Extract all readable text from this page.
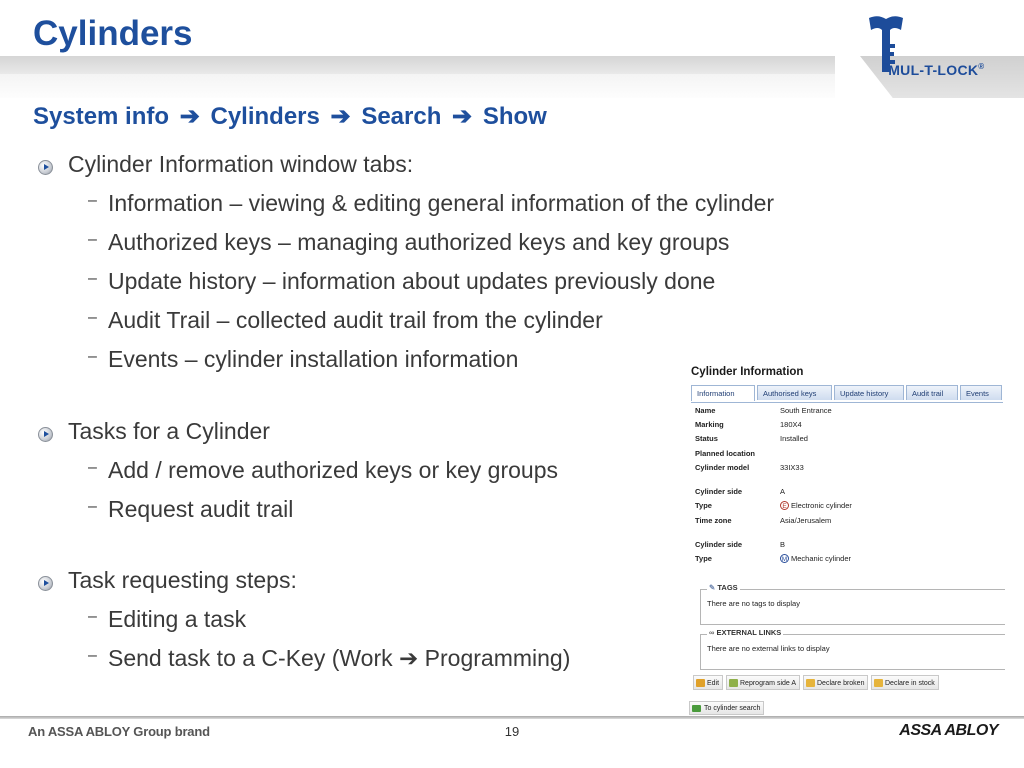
Cylinders
®MUL-T-LOCK®
System info ➔ Cylinders ➔ Search ➔ Show
Cylinder Information window tabs:
– Information – viewing & editing general information of the cylinder
– Authorized keys – managing authorized keys and key groups
– Update history – information about updates previously done
– Audit Trail – collected audit trail from the cylinder
– Events – cylinder installation information
Tasks for a Cylinder
– Add / remove authorized keys or key groups
– Request audit trail
Task requesting steps:
– Editing a task
– Send task to a C-Key (Work ➔ Programming)
Cylinder Information
Information	Authorised keys	Update history	Audit trail	Events
Name	South Entrance
Marking	180X4
Status	Installed
Planned location
Cylinder model	33IX33
Cylinder side	A
Type	E Electronic cylinder
Time zone	Asia/Jerusalem
Cylinder side	B
Type	M Mechanic cylinder
✎ TAGS
There are no tags to display
∞ EXTERNAL LINKS
There are no external links to display
Edit	Reprogram side A	Declare broken	Declare in stock
To cylinder search
An ASSA ABLOY Group brand	19	ASSA ABLOY
